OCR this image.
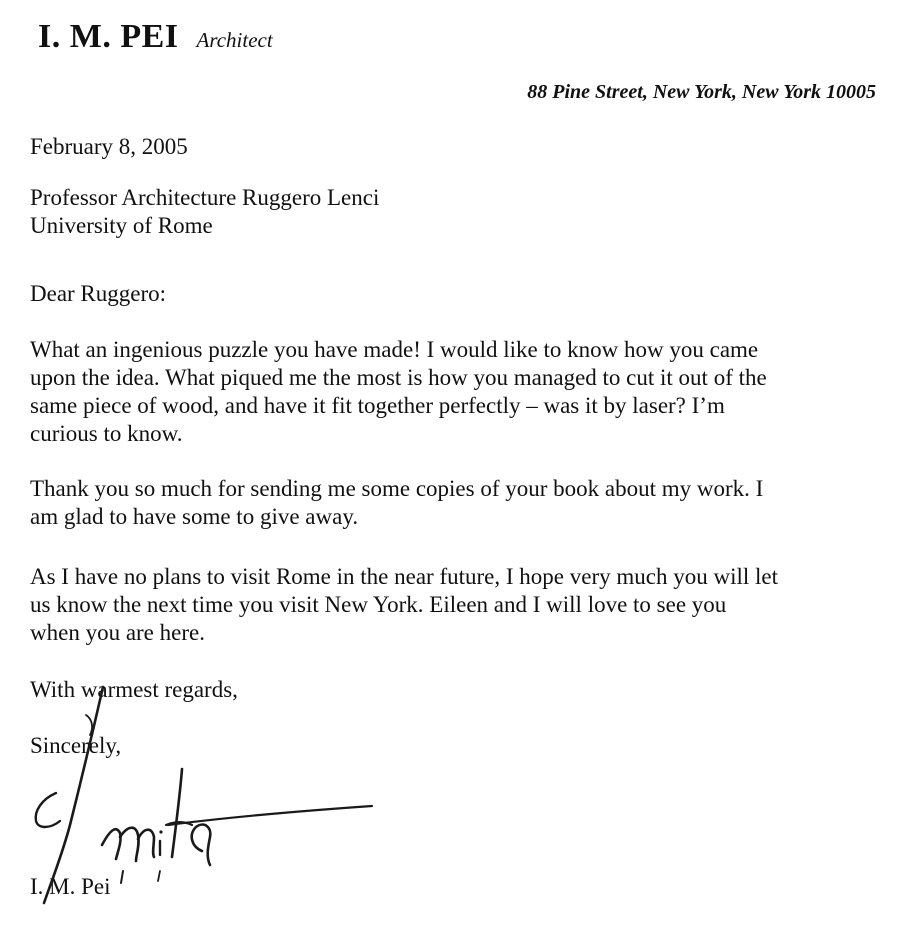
I. M. PEI Architect
88 Pine Street, New York, New York 10005
February 8, 2005
Professor Architecture Ruggero Lenci
University of Rome
Dear Ruggero:
What an ingenious puzzle you have made! I would like to know how you came
upon the idea. What piqued me the most is how you managed to cut it out of the
same piece of wood, and have it fit together perfectly – was it by laser? I’m
curious to know.
Thank you so much for sending me some copies of your book about my work. I
am glad to have some to give away.
As I have no plans to visit Rome in the near future, I hope very much you will let
us know the next time you visit New York. Eileen and I will love to see you
when you are here.
With warmest regards,
Sincerely,
I. M. Pei
